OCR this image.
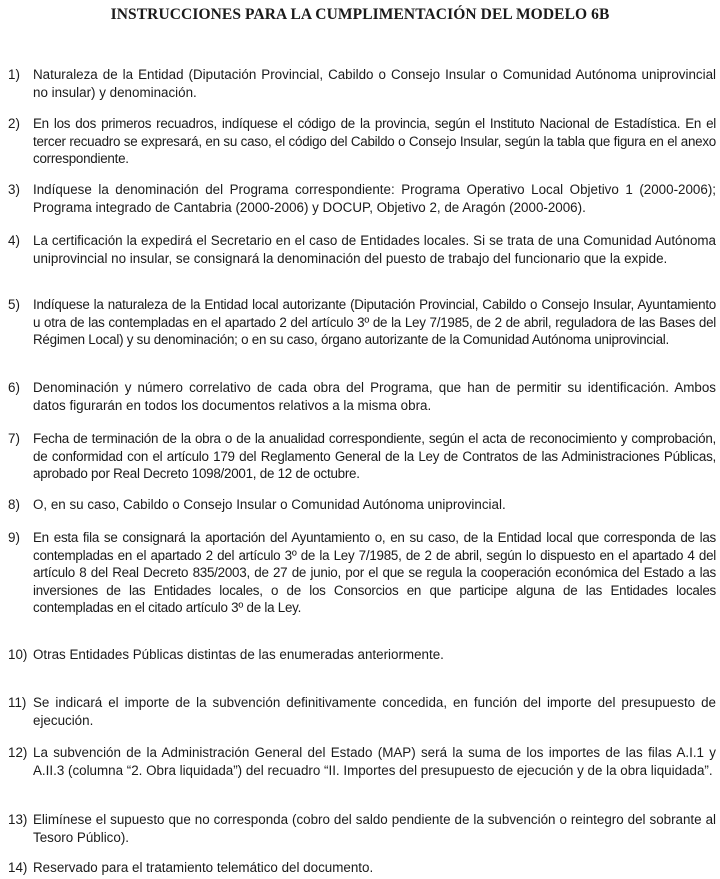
INSTRUCCIONES PARA LA CUMPLIMENTACIÓN DEL MODELO 6B
1) Naturaleza de la Entidad (Diputación Provincial, Cabildo o Consejo Insular o Comunidad Autónoma uniprovincial no insular) y denominación.
2) En los dos primeros recuadros, indíquese el código de la provincia, según el Instituto Nacional de Estadística. En el tercer recuadro se expresará, en su caso, el código del Cabildo o Consejo Insular, según la tabla que figura en el anexo correspondiente.
3) Indíquese la denominación del Programa correspondiente: Programa Operativo Local Objetivo 1 (2000-2006); Programa integrado de Cantabria (2000-2006) y DOCUP, Objetivo 2, de Aragón (2000-2006).
4) La certificación la expedirá el Secretario en el caso de Entidades locales. Si se trata de una Comunidad Autónoma uniprovincial no insular, se consignará la denominación del puesto de trabajo del funcionario que la expide.
5) Indíquese la naturaleza de la Entidad local autorizante (Diputación Provincial, Cabildo o Consejo Insular, Ayuntamiento u otra de las contempladas en el apartado 2 del artículo 3º de la Ley 7/1985, de 2 de abril, reguladora de las Bases del Régimen Local) y su denominación; o en su caso, órgano autorizante de la Comunidad Autónoma uniprovincial.
6) Denominación y número correlativo de cada obra del Programa, que han de permitir su identificación. Ambos datos figurarán en todos los documentos relativos a la misma obra.
7) Fecha de terminación de la obra o de la anualidad correspondiente, según el acta de reconocimiento y comprobación, de conformidad con el artículo 179 del Reglamento General de la Ley de Contratos de las Administraciones Públicas, aprobado por Real Decreto 1098/2001, de 12 de octubre.
8) O, en su caso, Cabildo o Consejo Insular o Comunidad Autónoma uniprovincial.
9) En esta fila se consignará la aportación del Ayuntamiento o, en su caso, de la Entidad local que corresponda de las contempladas en el apartado 2 del artículo 3º de la Ley 7/1985, de 2 de abril, según lo dispuesto en el apartado 4 del artículo 8 del Real Decreto 835/2003, de 27 de junio, por el que se regula la cooperación económica del Estado a las inversiones de las Entidades locales, o de los Consorcios en que participe alguna de las Entidades locales contempladas en el citado artículo 3º de la Ley.
10) Otras Entidades Públicas distintas de las enumeradas anteriormente.
11) Se indicará el importe de la subvención definitivamente concedida, en función del importe del presupuesto de ejecución.
12) La subvención de la Administración General del Estado (MAP) será la suma de los importes de las filas A.I.1 y A.II.3 (columna “2. Obra liquidada”) del recuadro “II. Importes del presupuesto de ejecución y de la obra liquidada”.
13) Elimínese el supuesto que no corresponda (cobro del saldo pendiente de la subvención o reintegro del sobrante al Tesoro Público).
14) Reservado para el tratamiento telemático del documento.
